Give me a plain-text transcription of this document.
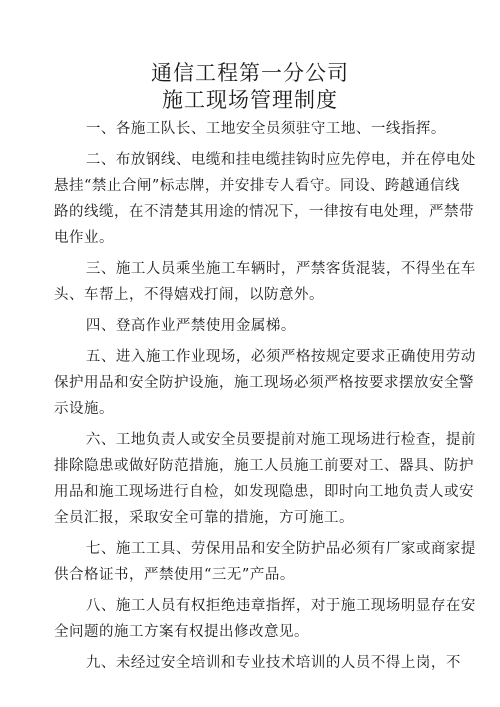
通信工程第一分公司
施工现场管理制度

一、各施工队长、工地安全员须驻守工地、一线指挥。

二、布放钢线、电缆和挂电缆挂钩时应先停电，并在停电处
悬挂“禁止合闸”标志牌，并安排专人看守。同设、跨越通信线
路的线缆，在不清楚其用途的情况下，一律按有电处理，严禁带
电作业。

三、施工人员乘坐施工车辆时，严禁客货混装，不得坐在车
头、车帮上，不得嬉戏打闹，以防意外。

四、登高作业严禁使用金属梯。

五、进入施工作业现场，必须严格按规定要求正确使用劳动
保护用品和安全防护设施，施工现场必须严格按要求摆放安全警
示设施。

六、工地负责人或安全员要提前对施工现场进行检查，提前
排除隐患或做好防范措施，施工人员施工前要对工、器具、防护
用品和施工现场进行自检，如发现隐患，即时向工地负责人或安
全员汇报，采取安全可靠的措施，方可施工。

七、施工工具、劳保用品和安全防护品必须有厂家或商家提
供合格证书，严禁使用“三无”产品。

八、施工人员有权拒绝违章指挥，对于施工现场明显存在安
全问题的施工方案有权提出修改意见。

九、未经过安全培训和专业技术培训的人员不得上岗，不
